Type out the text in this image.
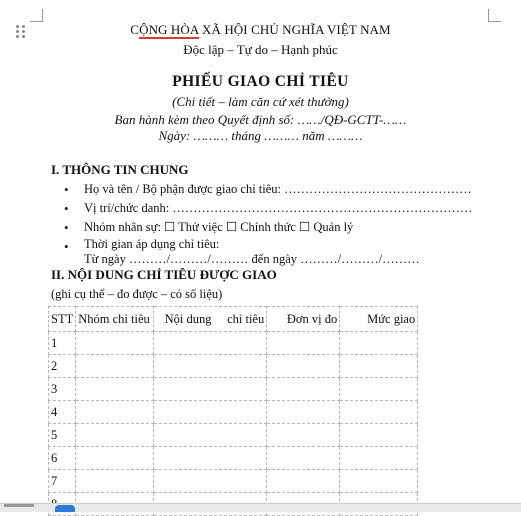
CỘNG HÒA XÃ HỘI CHỦ NGHĨA VIỆT NAM
Độc lập – Tự do – Hạnh phúc
PHIẾU GIAO CHỈ TIÊU
(Chi tiết – làm căn cứ xét thưởng)
Ban hành kèm theo Quyết định số: ……/QĐ-GCTT-……
Ngày: ……… tháng ……… năm ………
I. THÔNG TIN CHUNG
• Họ và tên / Bộ phận được giao chỉ tiêu: ………………………………………
• Vị trí/chức danh: ………………………………………………………………
• Nhóm nhân sự: ☐ Thử việc ☐ Chính thức ☐ Quản lý
• Thời gian áp dụng chỉ tiêu:
Từ ngày ………/………/……… đến ngày ………/………/………
II. NỘI DUNG CHỈ TIÊU ĐƯỢC GIAO
(ghi cụ thể – đo được – có số liệu)
STT	Nhóm chỉ tiêu	Nội dung     chỉ tiêu	Đơn vị đo	Mức giao
1				
2				
3				
4				
5				
6				
7				
